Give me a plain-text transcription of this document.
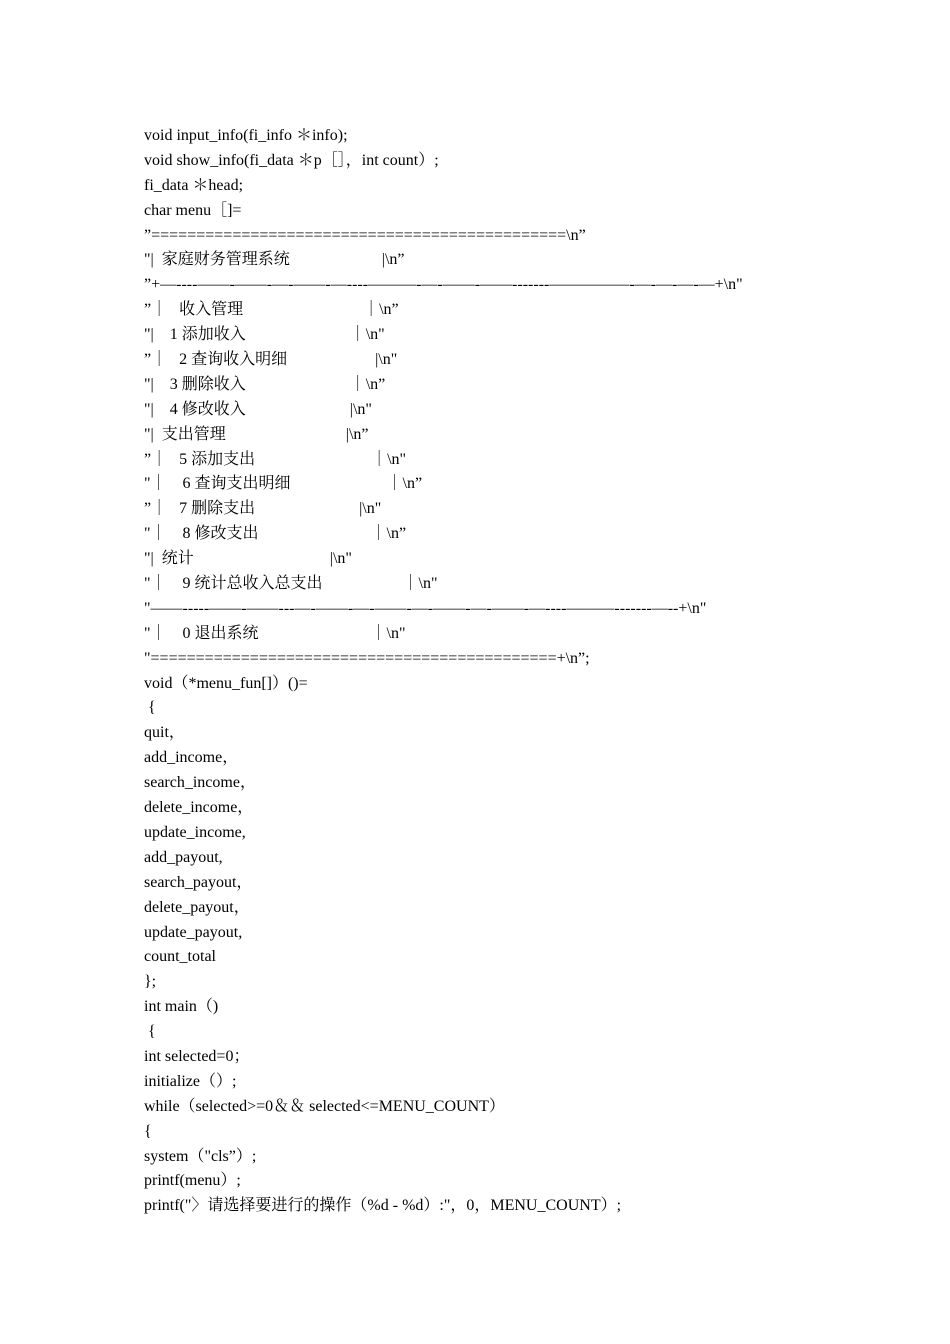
void input_info(fi_info ＊info);
void show_info(fi_data ＊p［］，int count）;
fi_data ＊head;
char menu［]=
”==============================================\n”
"|  家庭财务管理系统                       |\n”
”+—----——-——-—-——-—----———-—-——-——-------—————-—-—-—-—+\n"
”｜   收入管理                              ｜\n”
"|    1 添加收入                          ｜\n"
”｜   2 查询收入明细                      |\n"
"|    3 删除收入                          ｜\n”
"|    4 修改收入                          |\n"
"|  支出管理                              |\n”
”｜   5 添加支出                             ｜\n"
"｜    6 查询支出明细                        ｜\n”
”｜   7 删除支出                          |\n"
"｜    8 修改支出                            ｜\n”
"|  统计                                  |\n"
"｜    9 统计总收入总支出                    ｜\n"
"——-----——-——---—-——-—-——-—-——-—-——-—----———-------—--+\n"
"｜    0 退出系统                            ｜\n"
"=============================================+\n”;
void（*menu_fun[]）()=
{
quit，
add_income，
search_income，
delete_income，
update_income,
add_payout,
search_payout，
delete_payout，
update_payout,
count_total
};
int main（)
{
int selected=0；
initialize（）;
while（selected>=0＆＆ selected<=MENU_COUNT）
{
system（"cls”）;
printf(menu）;
printf("〉请选择要进行的操作（%d - %d）:"，0，MENU_COUNT）;
